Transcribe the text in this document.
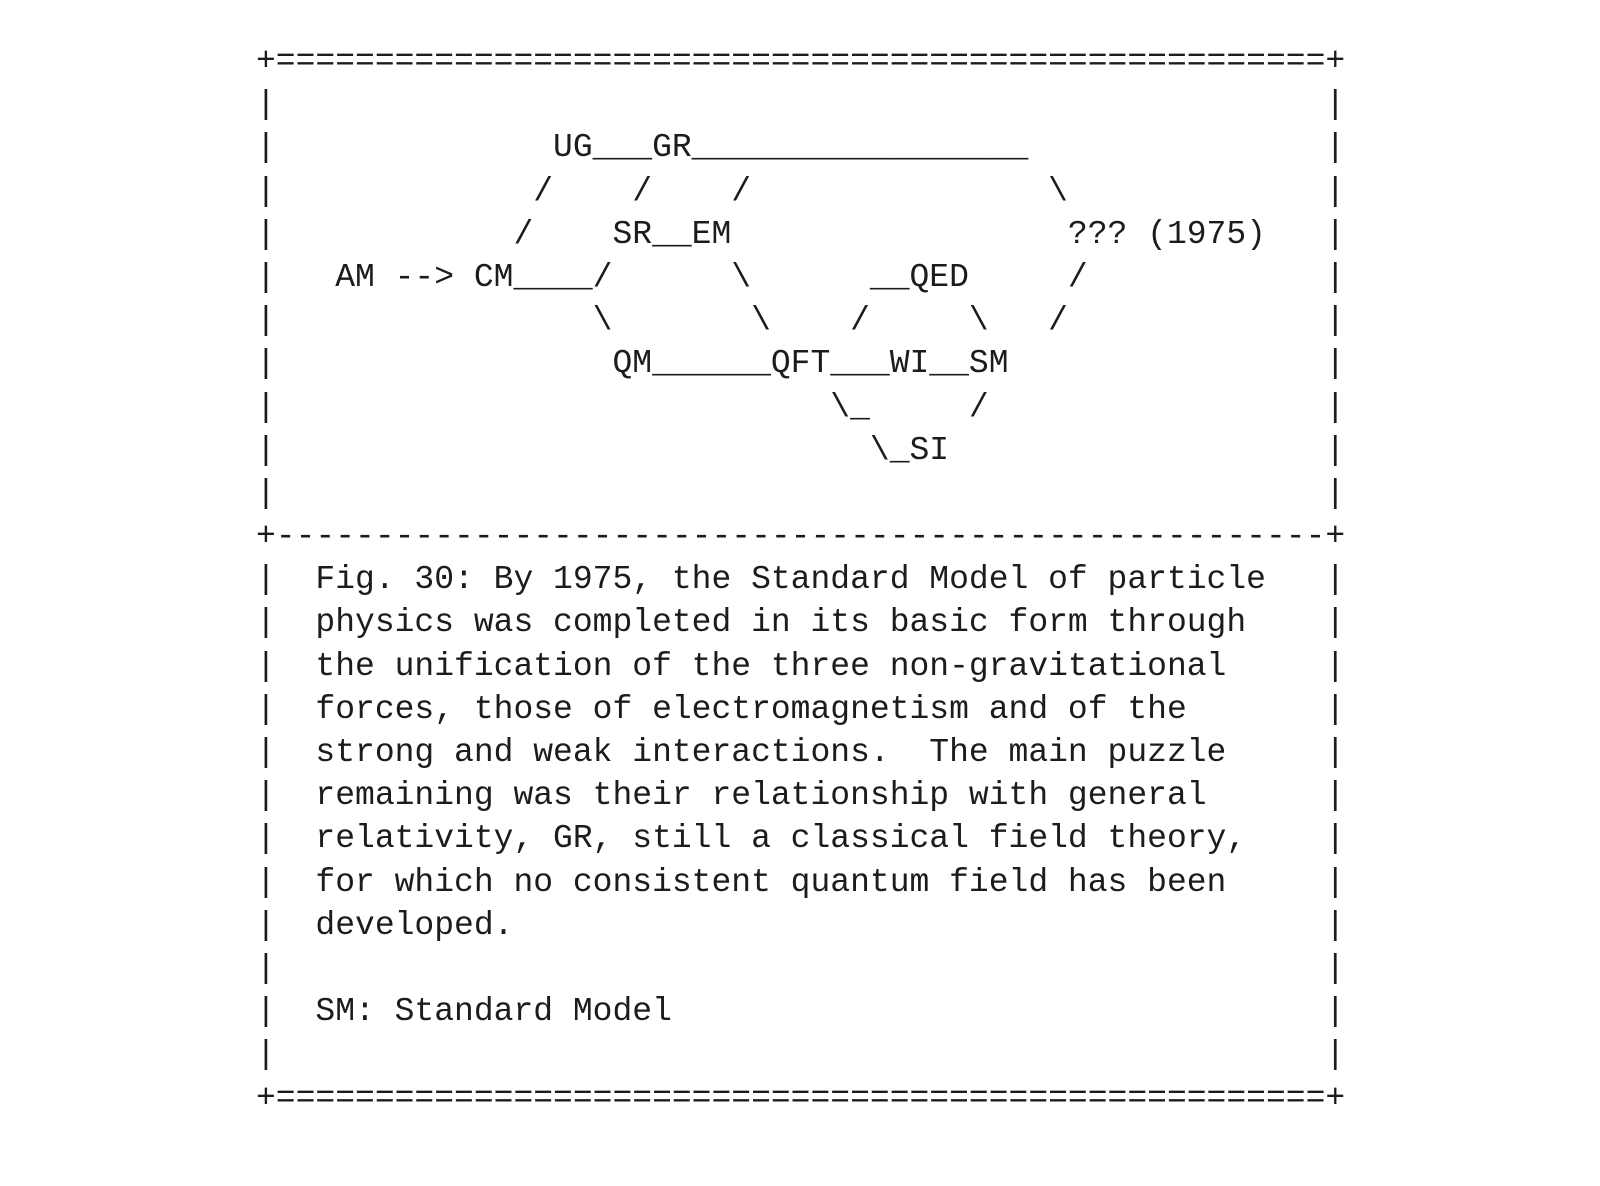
+=====================================================+
|                                                     |
|              UG___GR_________________               |
|             /    /    /               \             |
|            /    SR__EM                 ??? (1975)   |
|   AM --> CM____/      \      __QED     /            |
|                \       \    /     \   /             |
|                 QM______QFT___WI__SM                |
|                            \_     /                 |
|                              \_SI                   |
|                                                     |
+-----------------------------------------------------+
|  Fig. 30: By 1975, the Standard Model of particle   |
|  physics was completed in its basic form through    |
|  the unification of the three non-gravitational     |
|  forces, those of electromagnetism and of the       |
|  strong and weak interactions.  The main puzzle     |
|  remaining was their relationship with general      |
|  relativity, GR, still a classical field theory,    |
|  for which no consistent quantum field has been     |
|  developed.                                         |
|                                                     |
|  SM: Standard Model                                 |
|                                                     |
+=====================================================+
